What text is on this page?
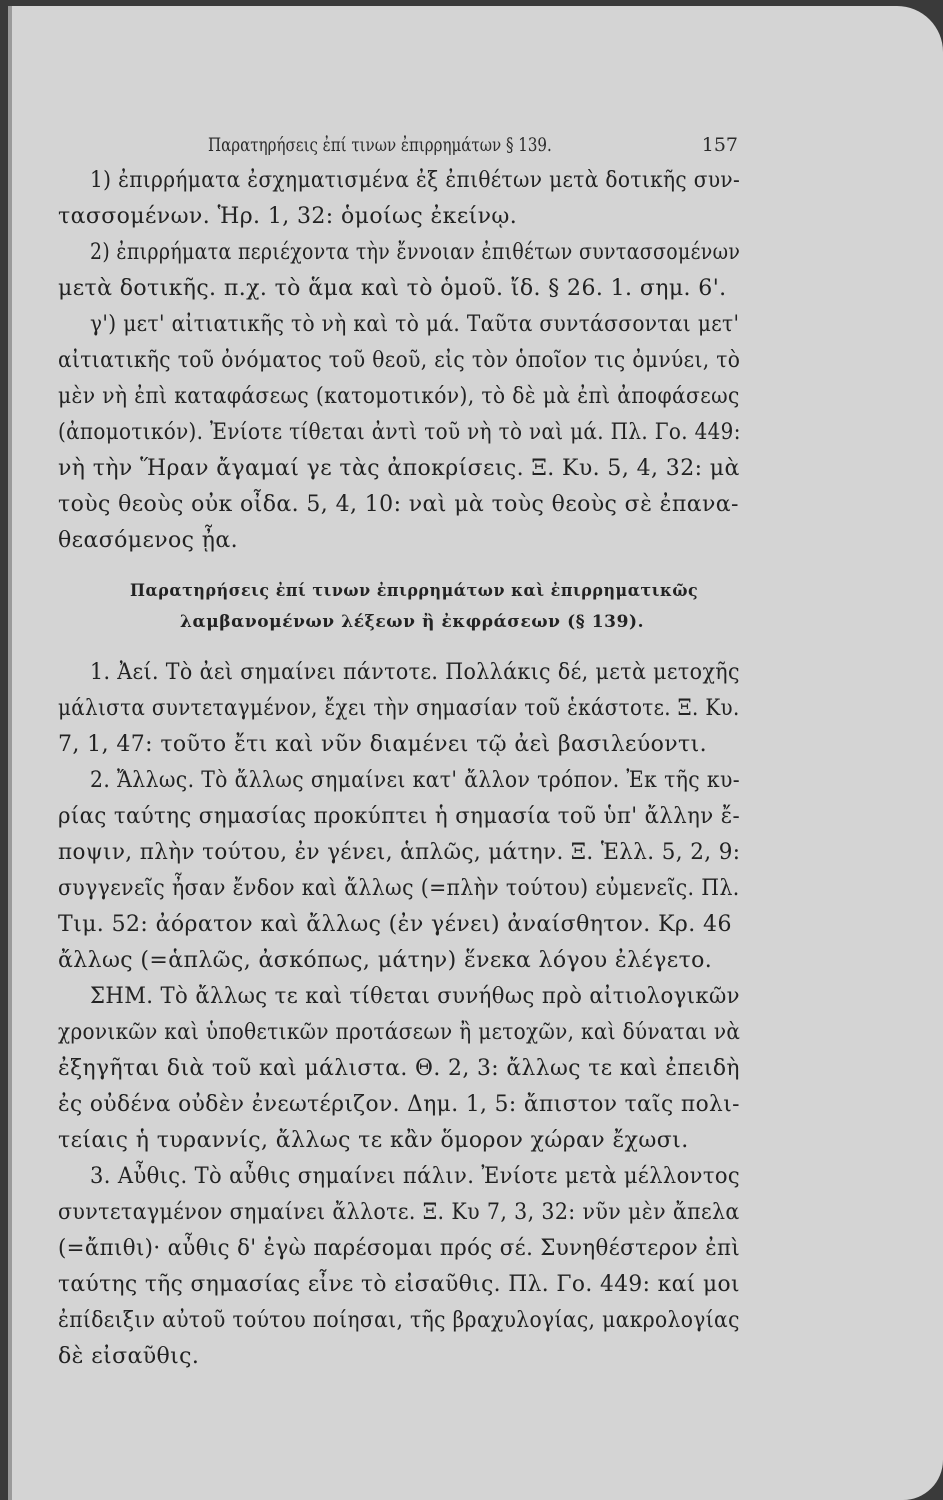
Παρατηρήσεις ἐπί τινων ἐπιρρημάτων § 139.	157
1) ἐπιρρήματα ἐσχηματισμένα ἐξ ἐπιθέτων μετὰ δοτικῆς συν-
τασσομένων. Ἡρ. 1, 32: ὁμοίως ἐκείνῳ.
2) ἐπιρρήματα περιέχοντα τὴν ἔννοιαν ἐπιθέτων συντασσομένων
μετὰ δοτικῆς. π.χ. τὸ ἅμα καὶ τὸ ὁμοῦ. ἴδ. § 26. 1. σημ. 6'.
γ') μετ' αἰτιατικῆς τὸ νὴ καὶ τὸ μά. Ταῦτα συντάσσονται μετ'
αἰτιατικῆς τοῦ ὀνόματος τοῦ θεοῦ, εἰς τὸν ὁποῖον τις ὀμνύει, τὸ
μὲν νὴ ἐπὶ καταφάσεως (κατομοτικόν), τὸ δὲ μὰ ἐπὶ ἀποφάσεως
(ἀπομοτικόν). Ἐνίοτε τίθεται ἀντὶ τοῦ νὴ τὸ ναὶ μά. Πλ. Γο. 449:
νὴ τὴν Ἥραν ἄγαμαί γε τὰς ἀποκρίσεις. Ξ. Κυ. 5, 4, 32: μὰ
τοὺς θεοὺς οὐκ οἶδα. 5, 4, 10: ναὶ μὰ τοὺς θεοὺς σὲ ἐπανα-
θεασόμενος ᾖα.
Παρατηρήσεις ἐπί τινων ἐπιρρημάτων καὶ ἐπιρρηματικῶς
λαμβανομένων λέξεων ἢ ἐκφράσεων (§ 139).
1. Ἀεί. Τὸ ἀεὶ σημαίνει πάντοτε. Πολλάκις δέ, μετὰ μετοχῆς
μάλιστα συντεταγμένον, ἔχει τὴν σημασίαν τοῦ ἑκάστοτε. Ξ. Κυ.
7, 1, 47: τοῦτο ἔτι καὶ νῦν διαμένει τῷ ἀεὶ βασιλεύοντι.
2. Ἄλλως. Τὸ ἄλλως σημαίνει κατ' ἄλλον τρόπον. Ἐκ τῆς κυ-
ρίας ταύτης σημασίας προκύπτει ἡ σημασία τοῦ ὑπ' ἄλλην ἔ-
ποψιν, πλὴν τούτου, ἐν γένει, ἁπλῶς, μάτην. Ξ. Ἑλλ. 5, 2, 9:
συγγενεῖς ἦσαν ἔνδον καὶ ἄλλως (=πλὴν τούτου) εὐμενεῖς. Πλ.
Τιμ. 52: ἀόρατον καὶ ἄλλως (ἐν γένει) ἀναίσθητον. Κρ. 46
ἄλλως (=ἁπλῶς, ἀσκόπως, μάτην) ἕνεκα λόγου ἐλέγετο.
ΣΗΜ. Τὸ ἄλλως τε καὶ τίθεται συνήθως πρὸ αἰτιολογικῶν
χρονικῶν καὶ ὑποθετικῶν προτάσεων ἢ μετοχῶν, καὶ δύναται νὰ
ἐξηγῆται διὰ τοῦ καὶ μάλιστα. Θ. 2, 3: ἄλλως τε καὶ ἐπειδὴ
ἐς οὐδένα οὐδὲν ἐνεωτέριζον. Δημ. 1, 5: ἄπιστον ταῖς πολι-
τείαις ἡ τυραννίς, ἄλλως τε κἂν ὅμορον χώραν ἔχωσι.
3. Αὖθις. Τὸ αὖθις σημαίνει πάλιν. Ἐνίοτε μετὰ μέλλοντος
συντεταγμένον σημαίνει ἄλλοτε. Ξ. Κυ 7, 3, 32: νῦν μὲν ἄπελα
(=ἄπιθι)· αὖθις δ' ἐγὼ παρέσομαι πρός σέ. Συνηθέστερον ἐπὶ
ταύτης τῆς σημασίας εἶνε τὸ εἰσαῦθις. Πλ. Γο. 449: καί μοι
ἐπίδειξιν αὐτοῦ τούτου ποίησαι, τῆς βραχυλογίας, μακρολογίας
δὲ εἰσαῦθις.
